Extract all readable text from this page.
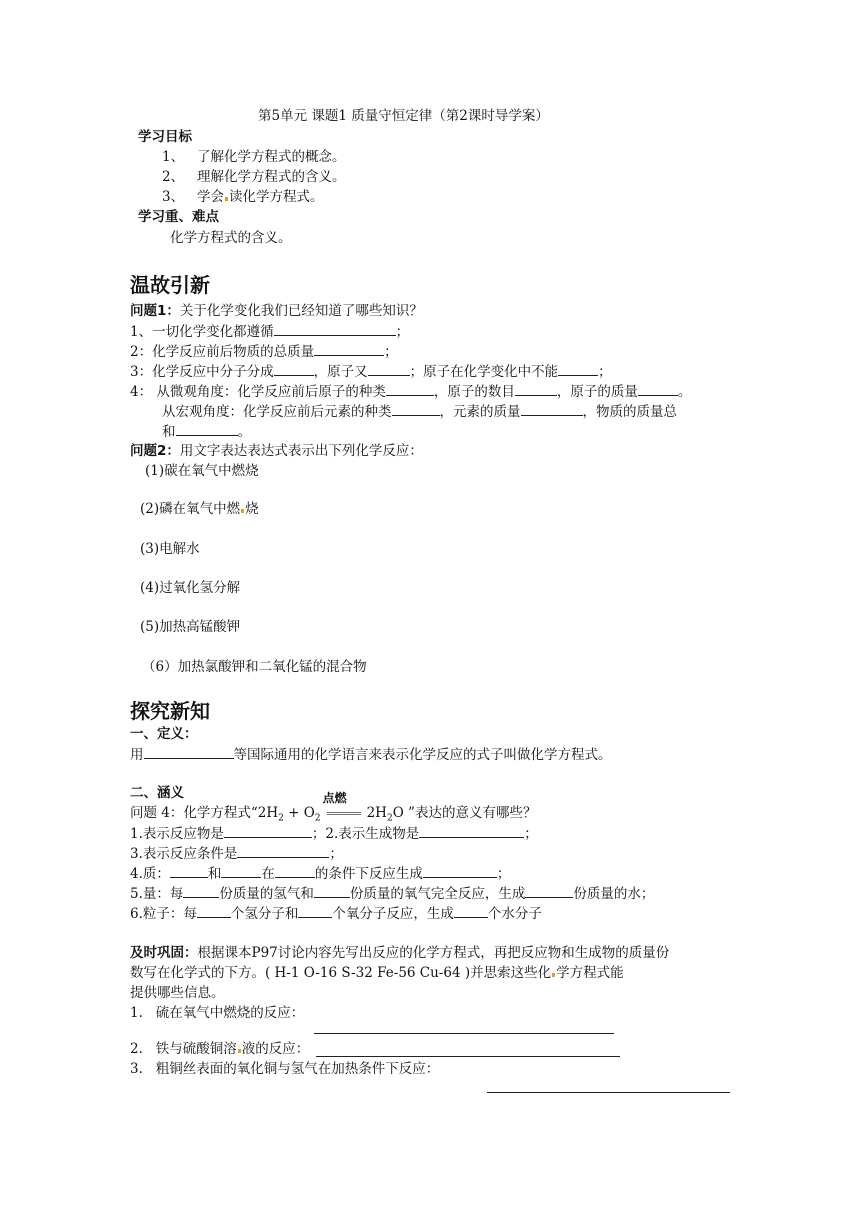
第5单元 课题1 质量守恒定律（第2课时导学案）
学习目标
1、 了解化学方程式的概念。
2、 理解化学方程式的含义。
3、 学会 读化学方程式。
学习重、难点
化学方程式的含义。
温故引新
问题1：关于化学变化我们已经知道了哪些知识？
1、一切化学变化都遵循	；
2：化学反应前后物质的总质量	；
3：化学反应中分子分成	，原子又	；原子在化学变化中不能	；
4： 从微观角度：化学反应前后原子的种类	，原子的数目	，原子的质量	。
从宏观角度：化学反应前后元素的种类	，元素的质量	，物质的质量总
和	。
问题2：用文字表达表达式表示出下列化学反应：
(1)碳在氧气中燃烧
(2)磷在氧气中燃 烧
(3)电解水
(4)过氧化氢分解
(5)加热高锰酸钾
（6）加热氯酸钾和二氧化锰的混合物
探究新知
一、定义：
用	等国际通用的化学语言来表示化学反应的式子叫做化学方程式。
二、涵义
问题 4：化学方程式“$2H_2 + O_2$
点燃
$2H_2O$ ”表达的意义有哪些？
1.表示反应物是	；2.表示生成物是	；
3.表示反应条件是	；
4.质：	和	在	的条件下反应生成	；
5.量：每	份质量的氢气和	份质量的氧气完全反应，生成	份质量的水；
6.粒子：每	个氢分子和	个氧分子反应，生成	个水分子
及时巩固：根据课本P97讨论内容先写出反应的化学方程式，再把反应物和生成物的质量份
数写在化学式的下方。( H-1 O-16 S-32 Fe-56 Cu-64 )并思索这些化 学方程式能
提供哪些信息。
1. 硫在氧气中燃烧的反应：
2. 铁与硫酸铜溶 液的反应：
3. 粗铜丝表面的氧化铜与氢气在加热条件下反应：
